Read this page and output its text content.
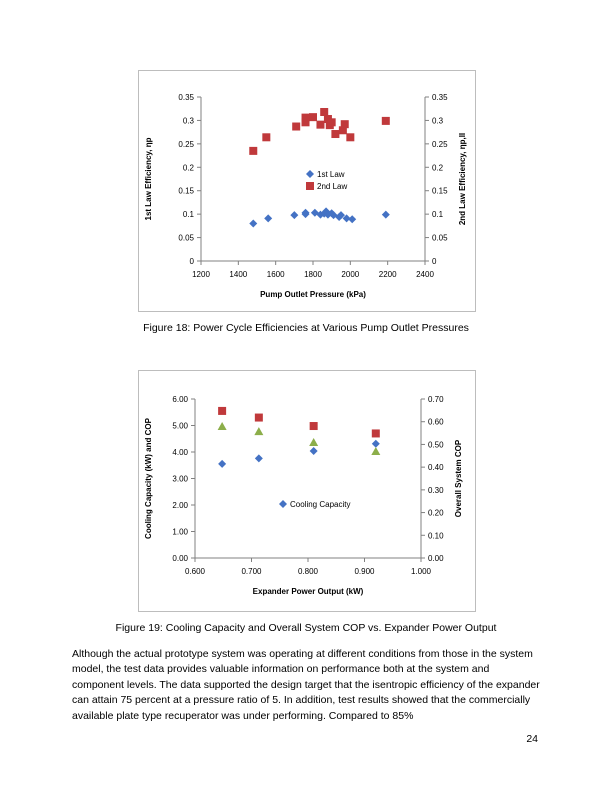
1200 1400 1600 1800 2000 2200 2400
0
0.05
0.1
0.15
0.2
0.25
0.3
0.35
0
0.05
0.1
0.15
0.2
0.25
0.3
0.35
Pump Outlet Pressure (kPa)
1st Law Efficiency, ηp	2nd Law Efficiency, ηp,II
1st Law
2nd Law
Figure 18: Power Cycle Efficiencies at Various Pump Outlet Pressures
0.600	0.700	0.800	0.900	1.000
0.00
1.00
2.00
3.00
4.00
5.00
6.00
0.00
0.10
0.20
0.30
0.40
0.50
0.60
0.70
Expander Power Output (kW)
Cooling Capacity (kW) and COP	Overall System COP
Cooling Capacity
Figure 19: Cooling Capacity and Overall System COP vs. Expander Power Output
Although the actual prototype system was operating at different conditions from those in the system model, the test data provides valuable information on performance both at the system and component levels. The data supported the design target that the isentropic efficiency of the expander can attain 75 percent at a pressure ratio of 5. In addition, test results showed that the commercially available plate type recuperator was under performing. Compared to 85%
24
